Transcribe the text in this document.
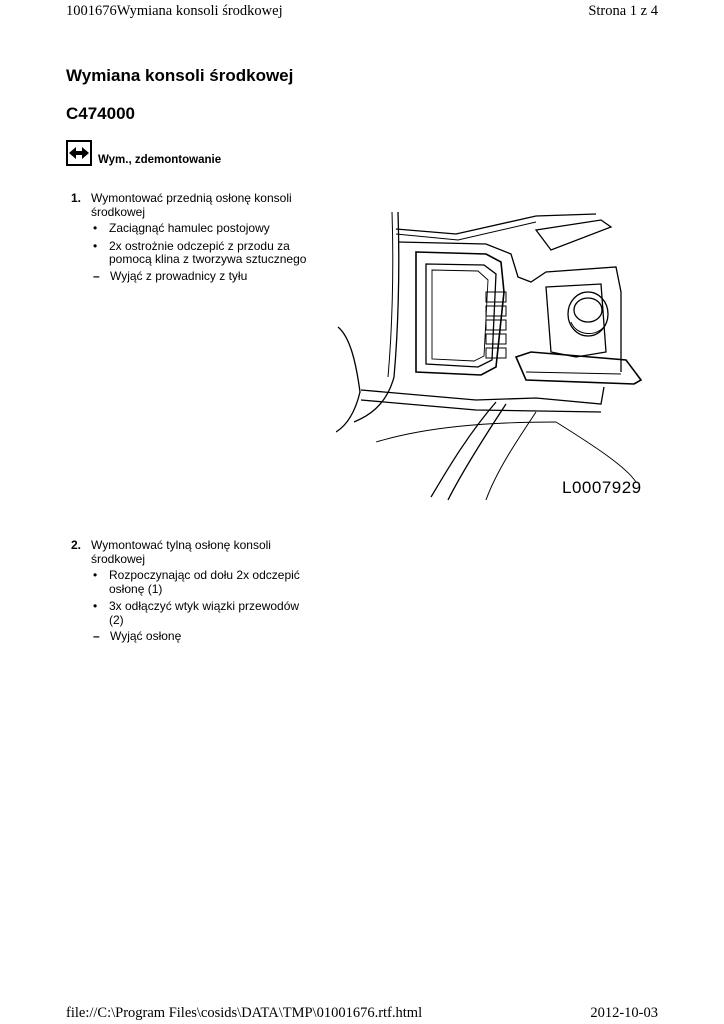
1001676Wymiana konsoli środkowej	Strona 1 z 4
Wymiana konsoli środkowej
C474000
Wym., zdemontowanie
1. Wymontować przednią osłonę konsoli środkowej
• Zaciągnąć hamulec postojowy
• 2x ostrożnie odczepić z przodu za pomocą klina z tworzywa sztucznego
– Wyjąć z prowadnicy z tyłu
L0007929
2. Wymontować tylną osłonę konsoli środkowej
• Rozpoczynając od dołu 2x odczepić osłonę (1)
• 3x odłączyć wtyk wiązki przewodów (2)
– Wyjąć osłonę
file://C:\Program Files\cosids\DATA\TMP\01001676.rtf.html	2012-10-03
